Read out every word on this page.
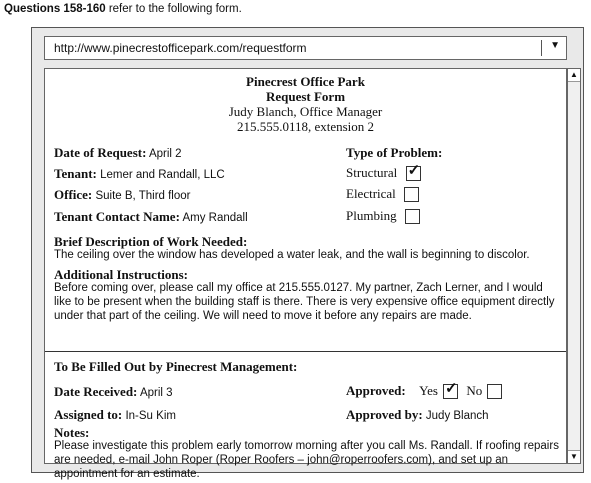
Questions 158-160 refer to the following form.
http://www.pinecrestofficepark.com/requestform	▼
Pinecrest Office Park
Request Form
Judy Blanch, Office Manager
215.555.0118, extension 2
Date of Request: April 2
Tenant: Lemer and Randall, LLC
Office: Suite B, Third floor
Tenant Contact Name: Amy Randall
Type of Problem:
Structural ✓
Electrical
Plumbing
Brief Description of Work Needed:
The ceiling over the window has developed a water leak, and the wall is beginning to discolor.
Additional Instructions:
Before coming over, please call my office at 215.555.0127. My partner, Zach Lerner, and I would like to be present when the building staff is there. There is very expensive office equipment directly under that part of the ceiling. We will need to move it before any repairs are made.
To Be Filled Out by Pinecrest Management:
Date Received: April 3	Approved: Yes ✓ No
Assigned to: In-Su Kim	Approved by: Judy Blanch
Notes:
Please investigate this problem early tomorrow morning after you call Ms. Randall. If roofing repairs are needed, e-mail John Roper (Roper Roofers – john@roperroofers.com), and set up an appointment for an estimate.
▲
▼
